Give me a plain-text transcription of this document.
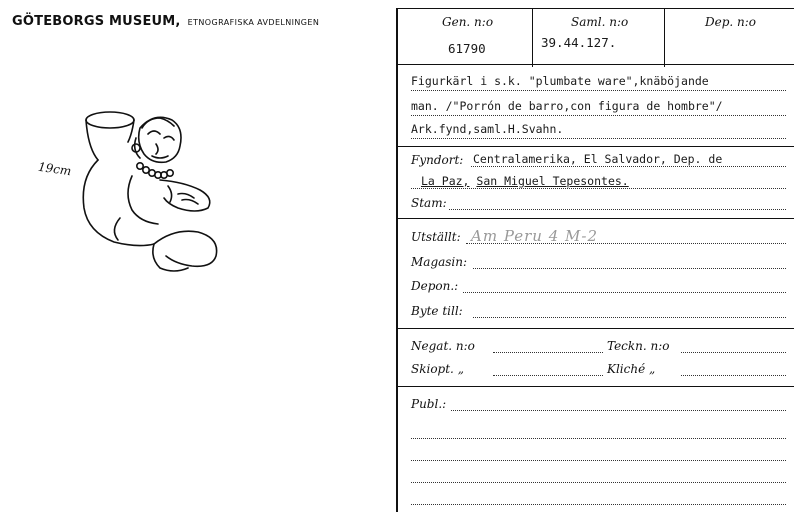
GÖTEBORGS MUSEUM, ETNOGRAFISKA AVDELNINGEN
19cm
Gen. n:o
61790
Saml. n:o
39.44.127.
Dep. n:o
Figurkärl i s.k. "plumbate ware",knäböjande
man. /"Porrón de barro,con figura de hombre"/
Ark.fynd,saml.H.Svahn.
Fyndort: Centralamerika, El Salvador, Dep. de
La Paz, San Miguel Tepesontes.
Stam:
Utställt: Am Peru 4 M-2
Magasin:
Depon.:
Byte till:
Negat. n:o	Teckn. n:o
Skiopt. „	Kliché „
Publ.:
